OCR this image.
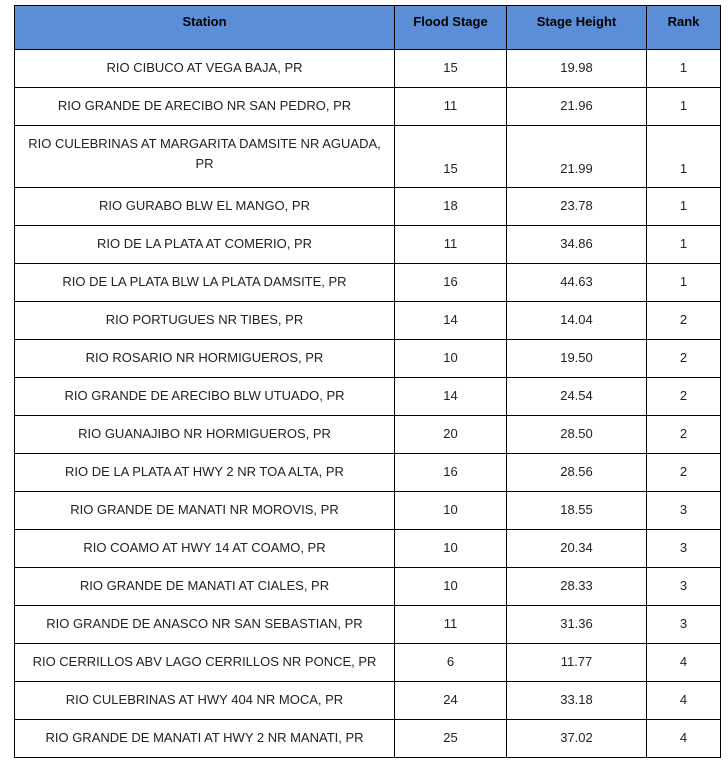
Station	Flood Stage	Stage Height	Rank
RIO CIBUCO AT VEGA BAJA, PR	15	19.98	1
RIO GRANDE DE ARECIBO NR SAN PEDRO, PR	11	21.96	1
RIO CULEBRINAS AT MARGARITA DAMSITE NR AGUADA, PR	15	21.99	1
RIO GURABO BLW EL MANGO, PR	18	23.78	1
RIO DE LA PLATA AT COMERIO, PR	11	34.86	1
RIO DE LA PLATA BLW LA PLATA DAMSITE, PR	16	44.63	1
RIO PORTUGUES NR TIBES, PR	14	14.04	2
RIO ROSARIO NR HORMIGUEROS, PR	10	19.50	2
RIO GRANDE DE ARECIBO BLW UTUADO, PR	14	24.54	2
RIO GUANAJIBO NR HORMIGUEROS, PR	20	28.50	2
RIO DE LA PLATA AT HWY 2 NR TOA ALTA, PR	16	28.56	2
RIO GRANDE DE MANATI NR MOROVIS, PR	10	18.55	3
RIO COAMO AT HWY 14 AT COAMO, PR	10	20.34	3
RIO GRANDE DE MANATI AT CIALES, PR	10	28.33	3
RIO GRANDE DE ANASCO NR SAN SEBASTIAN, PR	11	31.36	3
RIO CERRILLOS ABV LAGO CERRILLOS NR PONCE, PR	6	11.77	4
RIO CULEBRINAS AT HWY 404 NR MOCA, PR	24	33.18	4
RIO GRANDE DE MANATI AT HWY 2 NR MANATI, PR	25	37.02	4
